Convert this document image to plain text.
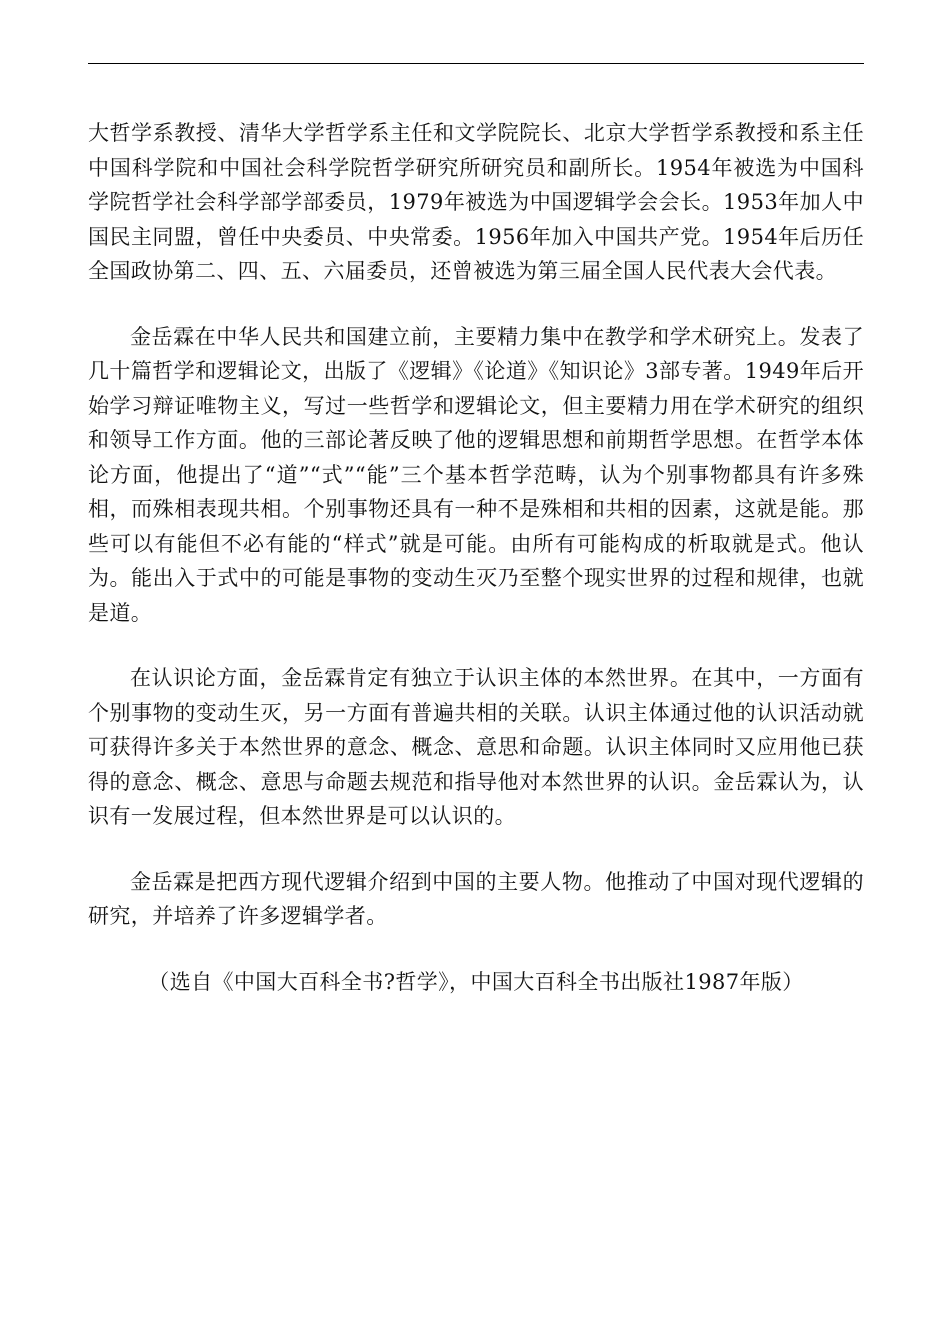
大哲学系教授、清华大学哲学系主任和文学院院长、北京大学哲学系教授和系主任中国科学院和中国社会科学院哲学研究所研究员和副所长。1954年被选为中国科学院哲学社会科学部学部委员，1979年被选为中国逻辑学会会长。1953年加人中国民主同盟，曾任中央委员、中央常委。1956年加入中国共产党。1954年后历任全国政协第二、四、五、六届委员，还曾被选为第三届全国人民代表大会代表。

金岳霖在中华人民共和国建立前，主要精力集中在教学和学术研究上。发表了几十篇哲学和逻辑论文，出版了《逻辑》《论道》《知识论》3部专著。1949年后开始学习辩证唯物主义，写过一些哲学和逻辑论文，但主要精力用在学术研究的组织和领导工作方面。他的三部论著反映了他的逻辑思想和前期哲学思想。在哲学本体论方面，他提出了“道”“式”“能”三个基本哲学范畴，认为个别事物都具有许多殊相，而殊相表现共相。个别事物还具有一种不是殊相和共相的因素，这就是能。那些可以有能但不必有能的“样式”就是可能。由所有可能构成的析取就是式。他认为。能出入于式中的可能是事物的变动生灭乃至整个现实世界的过程和规律，也就是道。

在认识论方面，金岳霖肯定有独立于认识主体的本然世界。在其中，一方面有个别事物的变动生灭，另一方面有普遍共相的关联。认识主体通过他的认识活动就可获得许多关于本然世界的意念、概念、意思和命题。认识主体同时又应用他已获得的意念、概念、意思与命题去规范和指导他对本然世界的认识。金岳霖认为，认识有一发展过程，但本然世界是可以认识的。

金岳霖是把西方现代逻辑介绍到中国的主要人物。他推动了中国对现代逻辑的研究，并培养了许多逻辑学者。

（选自《中国大百科全书?哲学》，中国大百科全书出版社1987年版）
